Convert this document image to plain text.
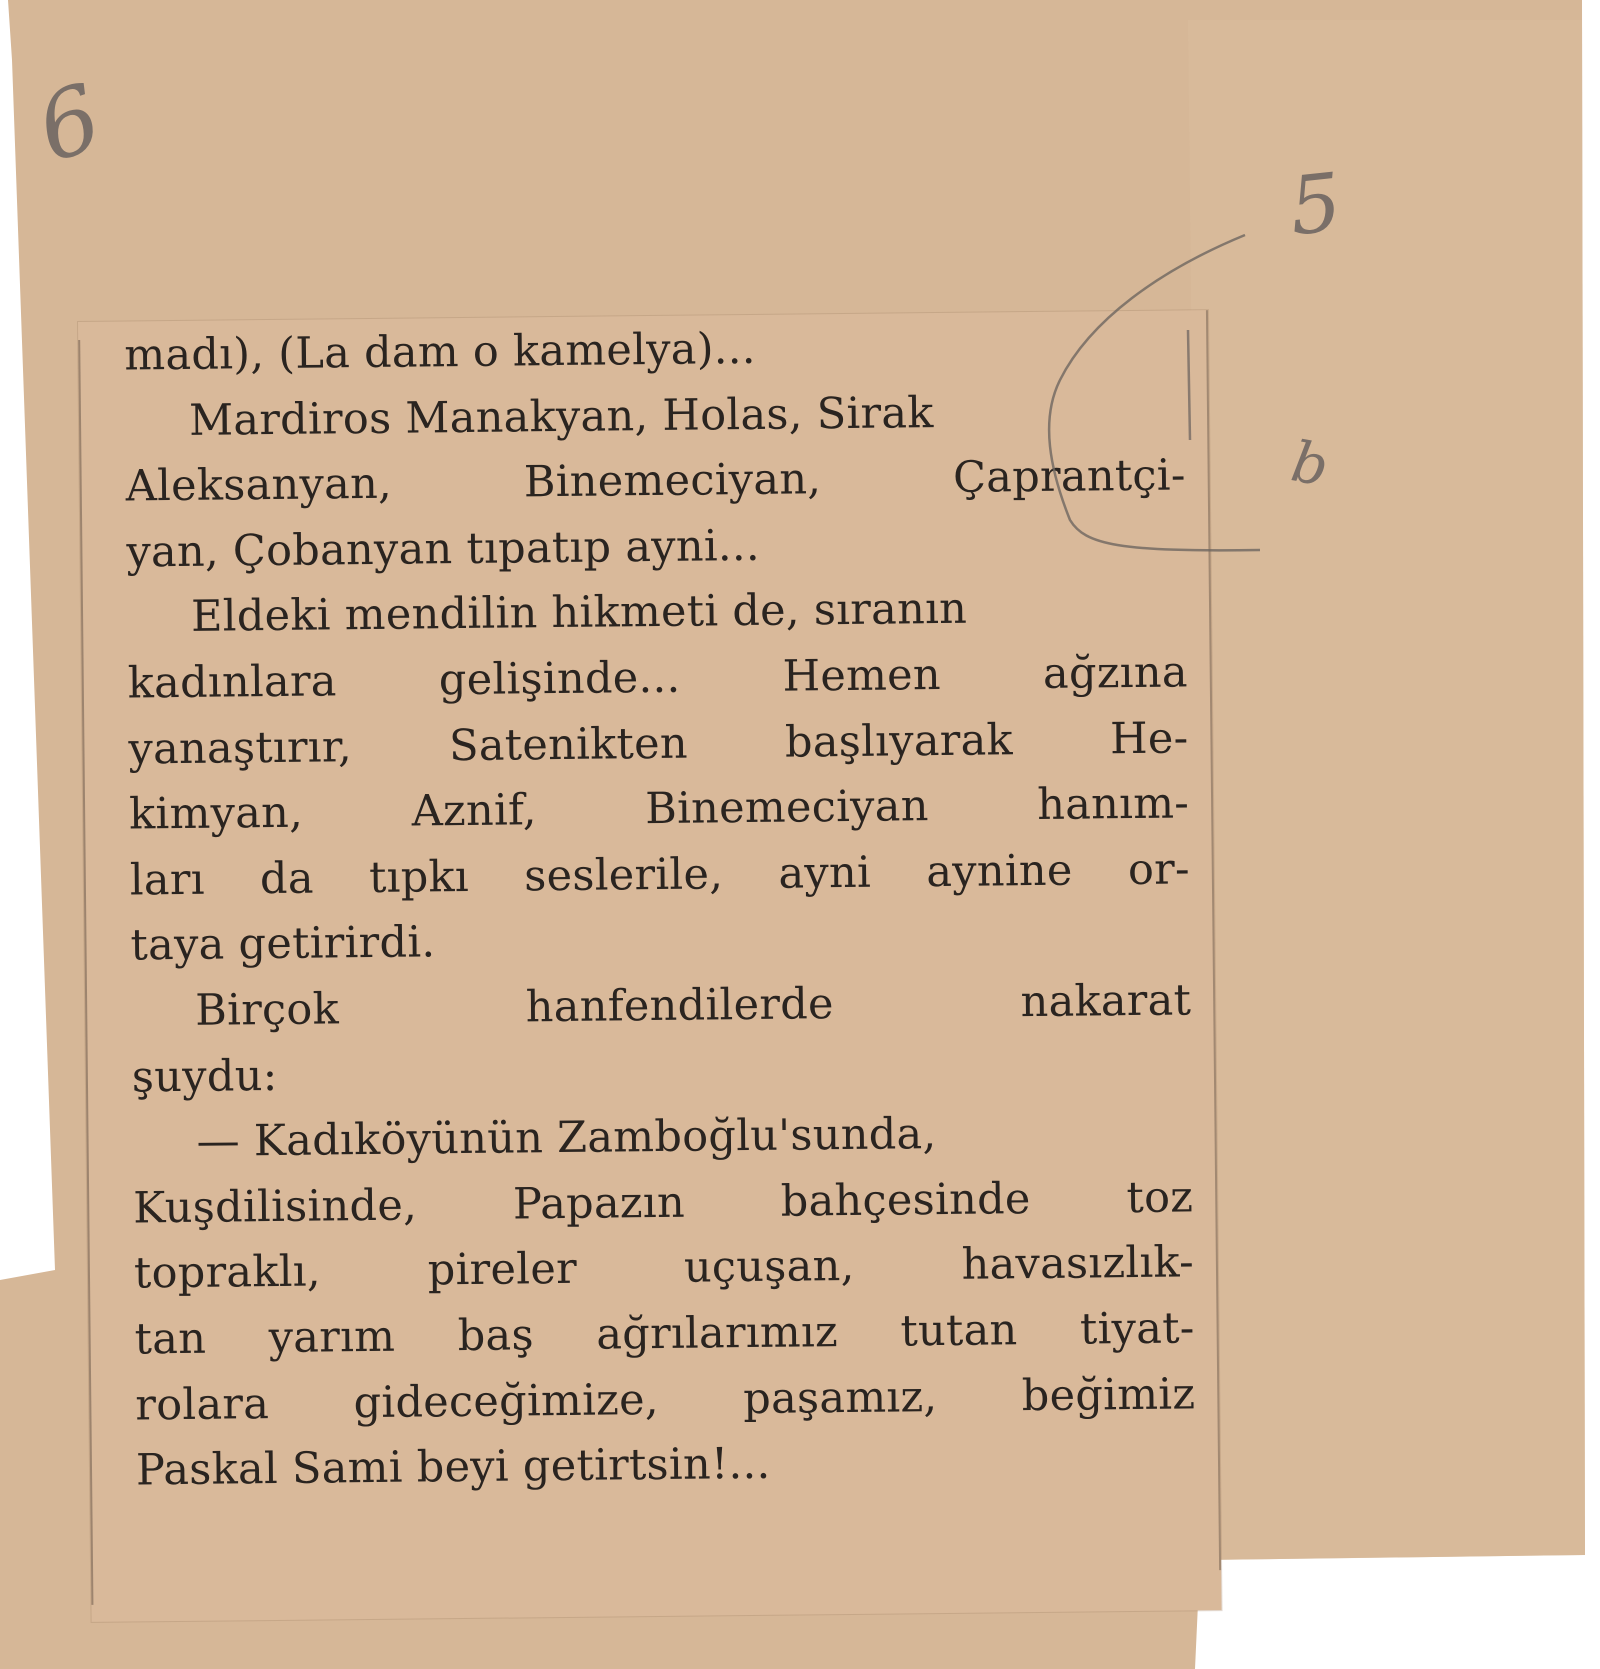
madı), (La dam o kamelya)...
Mardiros Manakyan, Holas, Sirak
Aleksanyan, Binemeciyan, Çaprantçi-
yan, Çobanyan tıpatıp ayni...
Eldeki mendilin hikmeti de, sıranın
kadınlara gelişinde... Hemen ağzına
yanaştırır, Satenikten başlıyarak He-
kimyan, Aznif, Binemeciyan hanım-
ları da tıpkı seslerile, ayni aynine or-
taya getirirdi.
Birçok hanfendilerde nakarat
şuydu:
— Kadıköyünün Zamboğlu'sunda,
Kuşdilisinde, Papazın bahçesinde toz
topraklı, pireler uçuşan, havasızlık-
tan yarım baş ağrılarımız tutan tiyat-
rolara gideceğimize, paşamız, beğimiz
Paskal Sami beyi getirtsin!...
6
5
b
